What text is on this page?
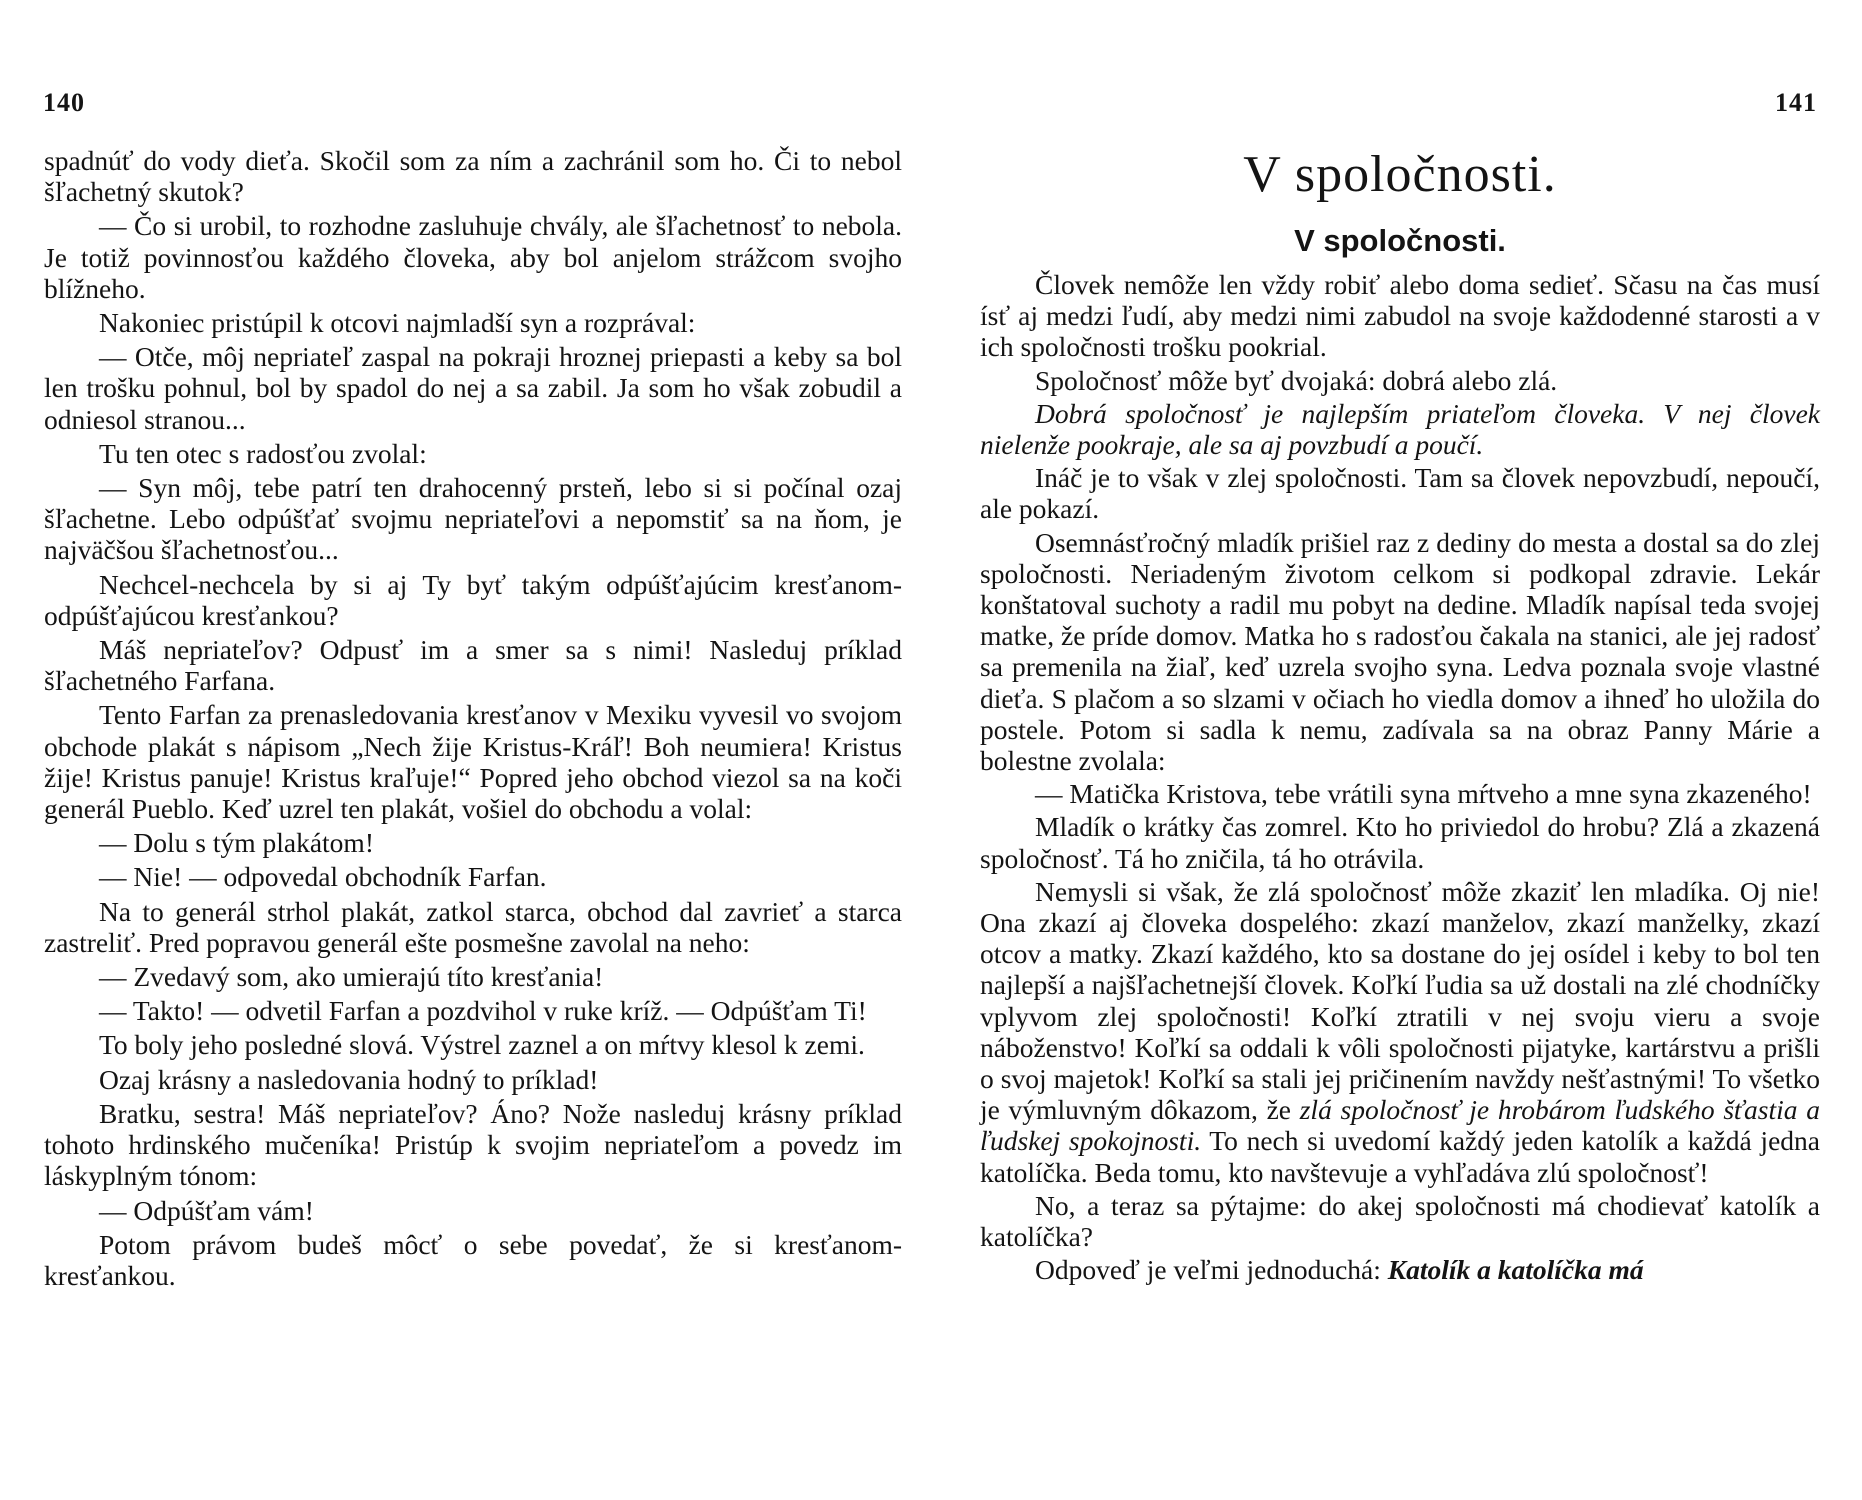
140	141

spadnúť do vody dieťa. Skočil som za ním a zachránil som ho. Či to nebol šľachetný skutok?

— Čo si urobil, to rozhodne zasluhuje chvály, ale šľachetnosť to nebola. Je totiž povinnosťou každého človeka, aby bol anjelom strážcom svojho blížneho.

Nakoniec pristúpil k otcovi najmladší syn a rozprával:

— Otče, môj nepriateľ zaspal na pokraji hroznej priepasti a keby sa bol len trošku pohnul, bol by spadol do nej a sa zabil. Ja som ho však zobudil a odniesol stranou...

Tu ten otec s radosťou zvolal:

— Syn môj, tebe patrí ten drahocenný prsteň, lebo si si počínal ozaj šľachetne. Lebo odpúšťať svojmu nepriateľovi a nepomstiť sa na ňom, je najväčšou šľachetnosťou...

Nechcel-nechcela by si aj Ty byť takým odpúšťajúcim kresťanom-odpúšťajúcou kresťankou?

Máš nepriateľov? Odpusť im a smer sa s nimi! Nasleduj príklad šľachetného Farfana.

Tento Farfan za prenasledovania kresťanov v Mexiku vyvesil vo svojom obchode plakát s nápisom „Nech žije Kristus-Kráľ! Boh neumiera! Kristus žije! Kristus panuje! Kristus kraľuje!“ Popred jeho obchod viezol sa na koči generál Pueblo. Keď uzrel ten plakát, vošiel do obchodu a volal:

— Dolu s tým plakátom!

— Nie! — odpovedal obchodník Farfan.

Na to generál strhol plakát, zatkol starca, obchod dal zavrieť a starca zastreliť. Pred popravou generál ešte posmešne zavolal na neho:

— Zvedavý som, ako umierajú títo kresťania!

— Takto! — odvetil Farfan a pozdvihol v ruke kríž. — Odpúšťam Ti!

To boly jeho posledné slová. Výstrel zaznel a on mŕtvy klesol k zemi.

Ozaj krásny a nasledovania hodný to príklad!

Bratku, sestra! Máš nepriateľov? Áno? Nože nasleduj krásny príklad tohoto hrdinského mučeníka! Pristúp k svojim nepriateľom a povedz im láskyplným tónom:

— Odpúšťam vám!

Potom právom budeš môcť o sebe povedať, že si kresťanom-kresťankou.

V spoločnosti.
V spoločnosti.

Človek nemôže len vždy robiť alebo doma sedieť. Sčasu na čas musí ísť aj medzi ľudí, aby medzi nimi zabudol na svoje každodenné starosti a v ich spoločnosti trošku pookrial.

Spoločnosť môže byť dvojaká: dobrá alebo zlá.

Dobrá spoločnosť je najlepším priateľom človeka. V nej človek nielenže pookraje, ale sa aj povzbudí a poučí.

Ináč je to však v zlej spoločnosti. Tam sa človek nepovzbudí, nepoučí, ale pokazí.

Osemnásťročný mladík prišiel raz z dediny do mesta a dostal sa do zlej spoločnosti. Neriadeným životom celkom si podkopal zdravie. Lekár konštatoval suchoty a radil mu pobyt na dedine. Mladík napísal teda svojej matke, že príde domov. Matka ho s radosťou čakala na stanici, ale jej radosť sa premenila na žiaľ, keď uzrela svojho syna. Ledva poznala svoje vlastné dieťa. S plačom a so slzami v očiach ho viedla domov a ihneď ho uložila do postele. Potom si sadla k nemu, zadívala sa na obraz Panny Márie a bolestne zvolala:

— Matička Kristova, tebe vrátili syna mŕtveho a mne syna zkazeného!

Mladík o krátky čas zomrel. Kto ho priviedol do hrobu? Zlá a zkazená spoločnosť. Tá ho zničila, tá ho otrávila.

Nemysli si však, že zlá spoločnosť môže zkaziť len mladíka. Oj nie! Ona zkazí aj človeka dospelého: zkazí manželov, zkazí manželky, zkazí otcov a matky. Zkazí každého, kto sa dostane do jej osídel i keby to bol ten najlepší a najšľachetnejší človek. Koľkí ľudia sa už dostali na zlé chodníčky vplyvom zlej spoločnosti! Koľkí ztratili v nej svoju vieru a svoje náboženstvo! Koľkí sa oddali k vôli spoločnosti pijatyke, kartárstvu a prišli o svoj majetok! Koľkí sa stali jej pričinením navždy nešťastnými! To všetko je výmluvným dôkazom, že zlá spoločnosť je hrobárom ľudského šťastia a ľudskej spokojnosti. To nech si uvedomí každý jeden katolík a každá jedna katolíčka. Beda tomu, kto navštevuje a vyhľadáva zlú spoločnosť!

No, a teraz sa pýtajme: do akej spoločnosti má chodievať katolík a katolíčka?

Odpoveď je veľmi jednoduchá: Katolík a katolíčka má
